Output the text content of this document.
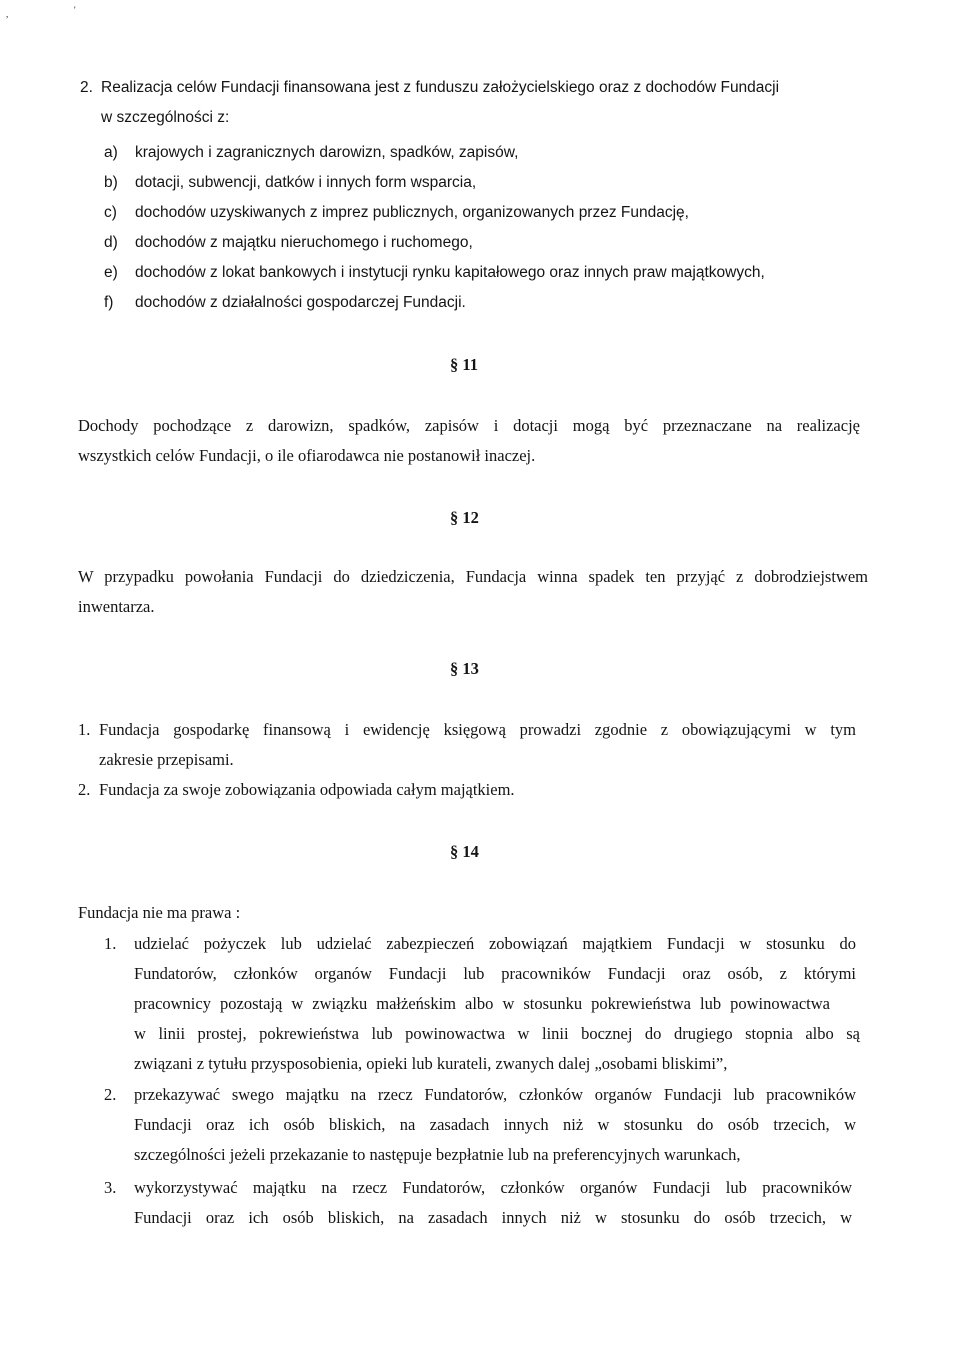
,	'
2. Realizacja celów Fundacji finansowana jest z funduszu założycielskiego oraz z dochodów Fundacji
w szczególności z:
a) krajowych i zagranicznych darowizn, spadków, zapisów,
b) dotacji, subwencji, datków i innych form wsparcia,
c) dochodów uzyskiwanych z imprez publicznych, organizowanych przez Fundację,
d) dochodów z majątku nieruchomego i ruchomego,
e) dochodów z lokat bankowych i instytucji rynku kapitałowego oraz innych praw majątkowych,
f) dochodów z działalności gospodarczej Fundacji.
§ 11
Dochody pochodzące z darowizn, spadków, zapisów i dotacji mogą być przeznaczane na realizację
wszystkich celów Fundacji, o ile ofiarodawca nie postanowił inaczej.
§ 12
W przypadku powołania Fundacji do dziedziczenia, Fundacja winna spadek ten przyjąć z dobrodziejstwem
inwentarza.
§ 13
1. Fundacja gospodarkę finansową i ewidencję księgową prowadzi zgodnie z obowiązującymi w tym
zakresie przepisami.
2. Fundacja za swoje zobowiązania odpowiada całym majątkiem.
§ 14
Fundacja nie ma prawa :
1. udzielać pożyczek lub udzielać zabezpieczeń zobowiązań majątkiem Fundacji w stosunku do
Fundatorów, członków organów Fundacji lub pracowników Fundacji oraz osób, z którymi
pracownicy pozostają w związku małżeńskim albo w stosunku pokrewieństwa lub powinowactwa
w linii prostej, pokrewieństwa lub powinowactwa w linii bocznej do drugiego stopnia albo są
związani z tytułu przysposobienia, opieki lub kurateli, zwanych dalej „osobami bliskimi”,
2. przekazywać swego majątku na rzecz Fundatorów, członków organów Fundacji lub pracowników
Fundacji oraz ich osób bliskich, na zasadach innych niż w stosunku do osób trzecich, w
szczególności jeżeli przekazanie to następuje bezpłatnie lub na preferencyjnych warunkach,
3. wykorzystywać majątku na rzecz Fundatorów, członków organów Fundacji lub pracowników
Fundacji oraz ich osób bliskich, na zasadach innych niż w stosunku do osób trzecich, w
